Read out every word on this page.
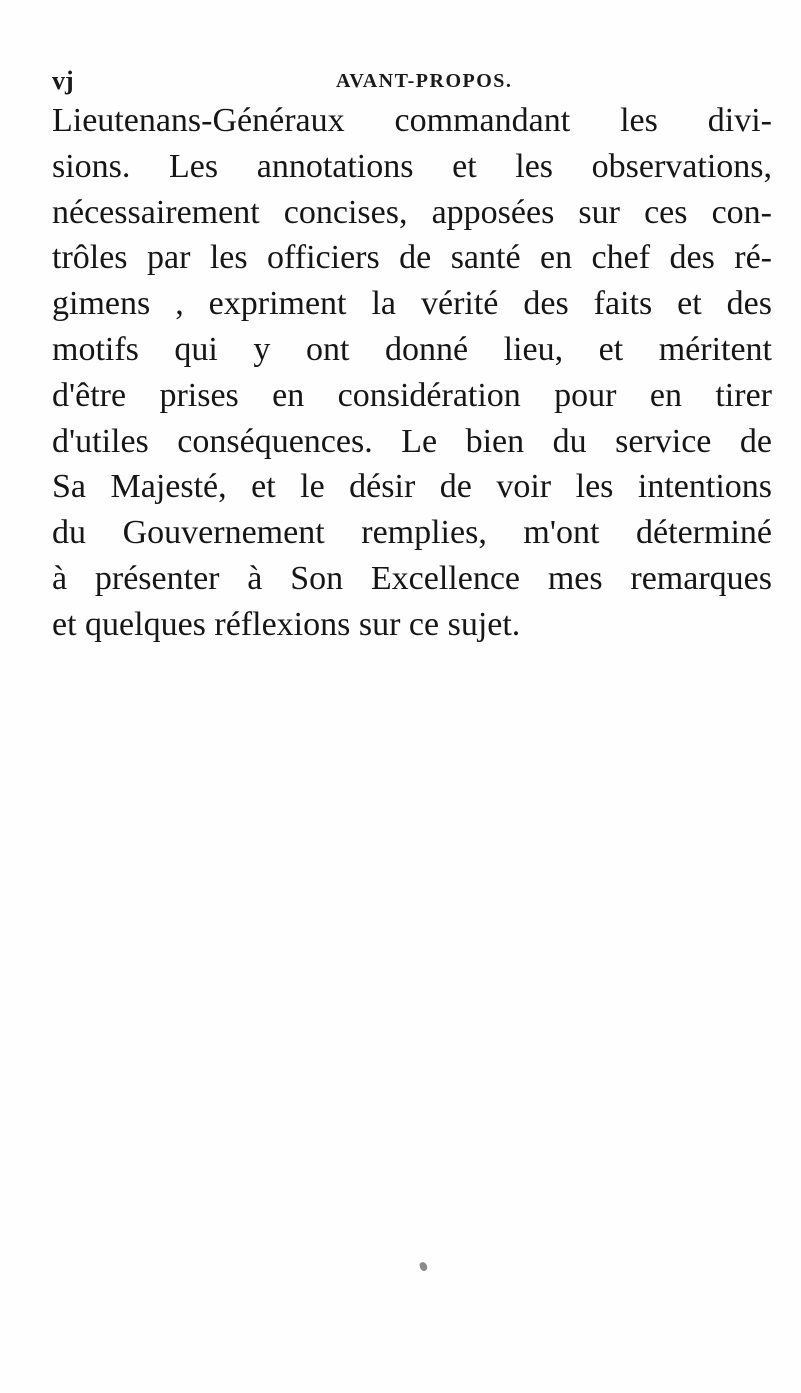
vj	AVANT-PROPOS.
Lieutenans-Généraux commandant les divi-
sions. Les annotations et les observations,
nécessairement concises, apposées sur ces con-
trôles par les officiers de santé en chef des ré-
gimens , expriment la vérité des faits et des
motifs qui y ont donné lieu, et méritent
d'être prises en considération pour en tirer
d'utiles conséquences. Le bien du service de
Sa Majesté, et le désir de voir les intentions
du Gouvernement remplies, m'ont déterminé
à présenter à Son Excellence mes remarques
et quelques réflexions sur ce sujet.
